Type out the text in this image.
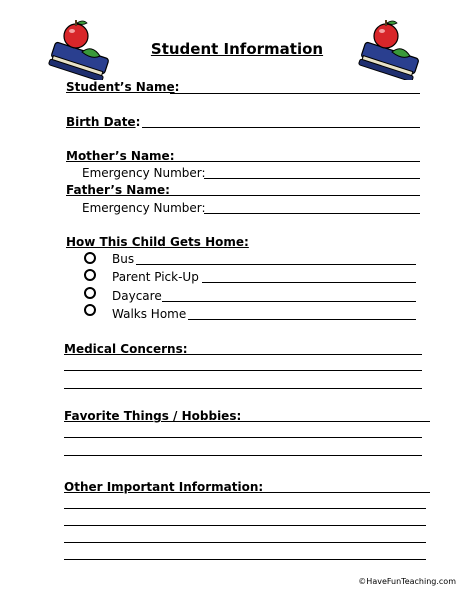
Student Information
Student’s Name:
Birth Date:
Mother’s Name:
Emergency Number:
Father’s Name:
Emergency Number:
How This Child Gets Home:
Bus
Parent Pick-Up
Daycare
Walks Home
Medical Concerns:
Favorite Things / Hobbies:
Other Important Information:
©HaveFunTeaching.com
